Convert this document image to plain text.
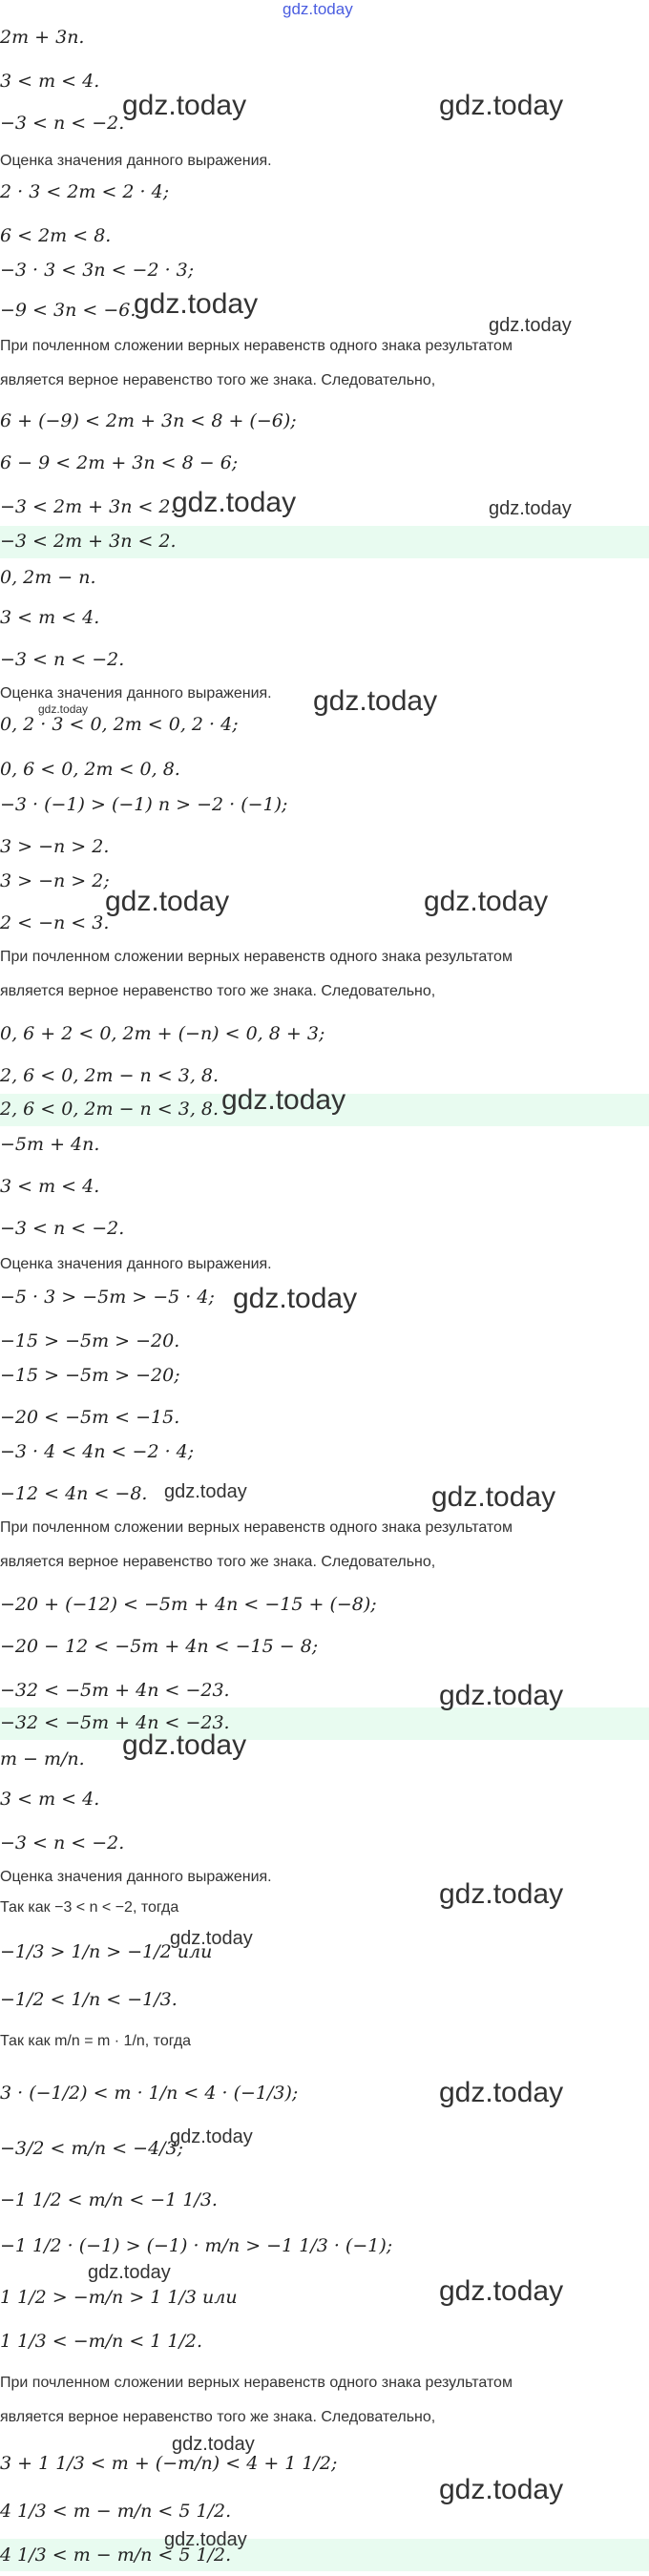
gdz.today
2m + 3n.
3 < m < 4.
−3 < n < −2.
Оценка значения данного выражения.
2 · 3 < 2m < 2 · 4;
6 < 2m < 8.
−3 · 3 < 3n < −2 · 3;
−9 < 3n < −6.
При почленном сложении верных неравенств одного знака результатом
является верное неравенство того же знака. Следовательно,
6 + (−9) < 2m + 3n < 8 + (−6);
6 − 9 < 2m + 3n < 8 − 6;
−3 < 2m + 3n < 2.
−3 < 2m + 3n < 2.
0, 2m − n.
3 < m < 4.
−3 < n < −2.
Оценка значения данного выражения.
0, 2 · 3 < 0, 2m < 0, 2 · 4;
0, 6 < 0, 2m < 0, 8.
−3 · (−1) > (−1) n > −2 · (−1);
3 > −n > 2.
3 > −n > 2;
2 < −n < 3.
При почленном сложении верных неравенств одного знака результатом
является верное неравенство того же знака. Следовательно,
0, 6 + 2 < 0, 2m + (−n) < 0, 8 + 3;
2, 6 < 0, 2m − n < 3, 8.
2, 6 < 0, 2m − n < 3, 8.
−5m + 4n.
3 < m < 4.
−3 < n < −2.
Оценка значения данного выражения.
−5 · 3 > −5m > −5 · 4;
−15 > −5m > −20.
−15 > −5m > −20;
−20 < −5m < −15.
−3 · 4 < 4n < −2 · 4;
−12 < 4n < −8.
При почленном сложении верных неравенств одного знака результатом
является верное неравенство того же знака. Следовательно,
−20 + (−12) < −5m + 4n < −15 + (−8);
−20 − 12 < −5m + 4n < −15 − 8;
−32 < −5m + 4n < −23.
−32 < −5m + 4n < −23.
m − m/n.
3 < m < 4.
−3 < n < −2.
Оценка значения данного выражения.
Так как −3 < n < −2, тогда
−1/3 > 1/n > −1/2 или
−1/2 < 1/n < −1/3.
Так как m/n = m · 1/n, тогда
3 · (−1/2) < m · 1/n < 4 · (−1/3);
−3/2 < m/n < −4/3;
−1 1/2 < m/n < −1 1/3.
−1 1/2 · (−1) > (−1) · m/n > −1 1/3 · (−1);
1 1/2 > −m/n > 1 1/3 или
1 1/3 < −m/n < 1 1/2.
При почленном сложении верных неравенств одного знака результатом
является верное неравенство того же знака. Следовательно,
3 + 1 1/3 < m + (−m/n) < 4 + 1 1/2;
4 1/3 < m − m/n < 5 1/2.
4 1/3 < m − m/n < 5 1/2.
gdz.today	gdz.today
gdz.today
gdz.today
gdz.today	gdz.today
gdz.today
gdz.today
gdz.today	gdz.today
gdz.today
gdz.today
gdz.today	gdz.today
gdz.today
gdz.today
gdz.today
gdz.today
gdz.today
gdz.today
gdz.today
gdz.today
gdz.today
gdz.today
gdz.today
